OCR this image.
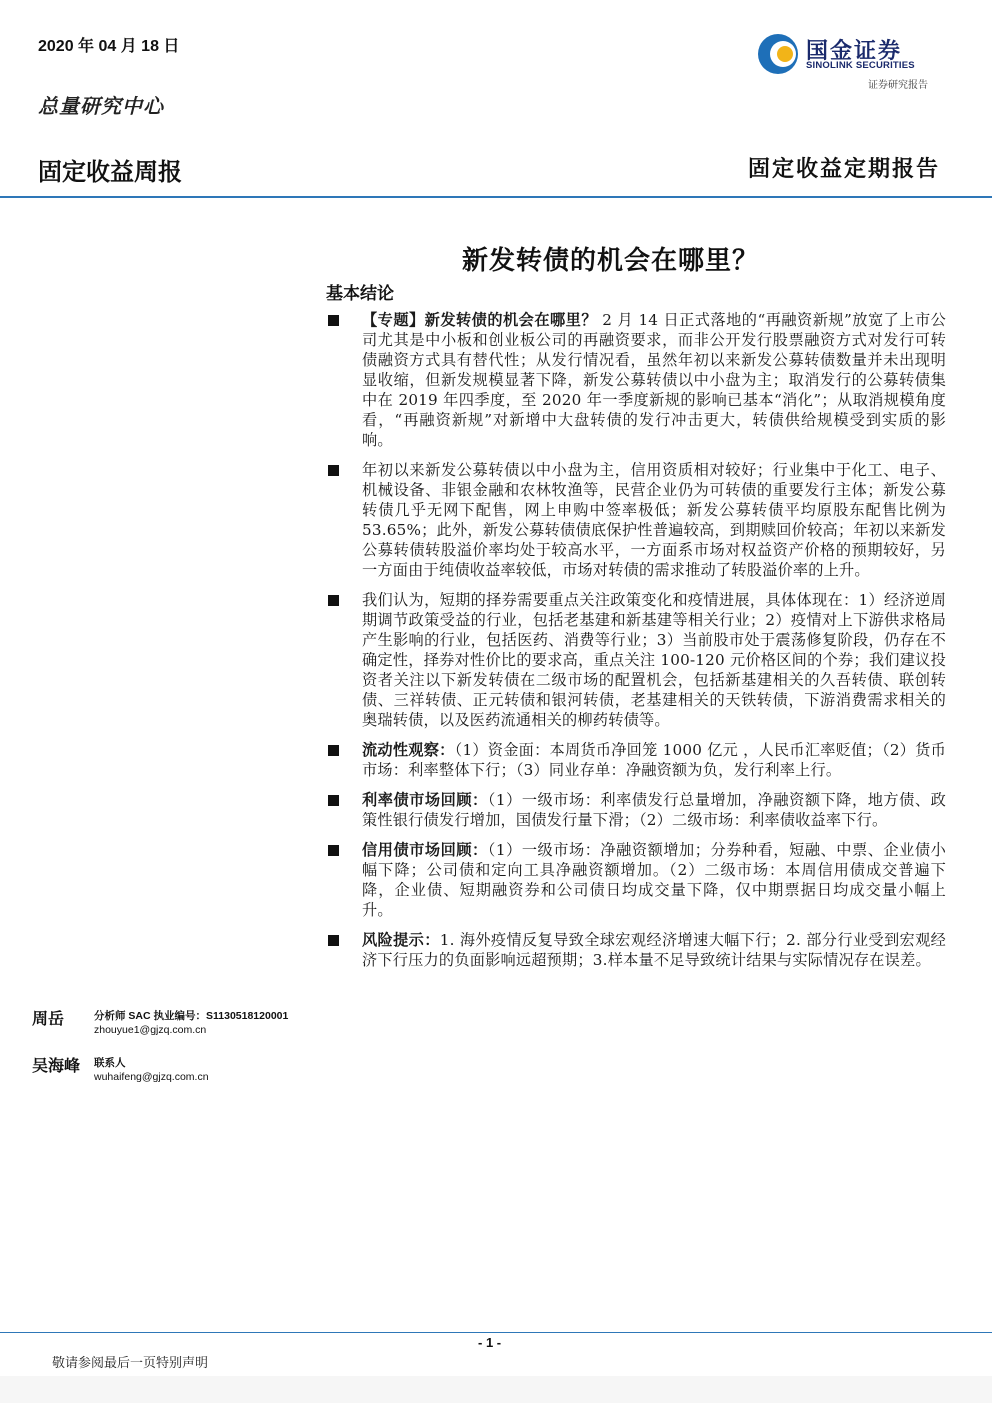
2020 年 04 月 18 日
总量研究中心
国金证券
SINOLINK SECURITIES
证券研究报告
固定收益周报	固定收益定期报告
新发转债的机会在哪里？
基本结论
【专题】新发转债的机会在哪里？ 2 月 14 日正式落地的“再融资新规”放宽了上市公司尤其是中小板和创业板公司的再融资要求，而非公开发行股票融资方式对发行可转债融资方式具有替代性；从发行情况看，虽然年初以来新发公募转债数量并未出现明显收缩，但新发规模显著下降，新发公募转债以中小盘为主；取消发行的公募转债集中在 2019 年四季度，至 2020 年一季度新规的影响已基本“消化”；从取消规模角度看，“再融资新规”对新增中大盘转债的发行冲击更大，转债供给规模受到实质的影响。
年初以来新发公募转债以中小盘为主，信用资质相对较好；行业集中于化工、电子、机械设备、非银金融和农林牧渔等，民营企业仍为可转债的重要发行主体；新发公募转债几乎无网下配售，网上申购中签率极低；新发公募转债平均原股东配售比例为 53.65%；此外，新发公募转债债底保护性普遍较高，到期赎回价较高；年初以来新发公募转债转股溢价率均处于较高水平，一方面系市场对权益资产价格的预期较好，另一方面由于纯债收益率较低，市场对转债的需求推动了转股溢价率的上升。
我们认为，短期的择券需要重点关注政策变化和疫情进展，具体体现在：1）经济逆周期调节政策受益的行业，包括老基建和新基建等相关行业；2）疫情对上下游供求格局产生影响的行业，包括医药、消费等行业；3）当前股市处于震荡修复阶段，仍存在不确定性，择券对性价比的要求高，重点关注 100-120 元价格区间的个券；我们建议投资者关注以下新发转债在二级市场的配置机会，包括新基建相关的久吾转债、联创转债、三祥转债、正元转债和银河转债，老基建相关的天铁转债，下游消费需求相关的奥瑞转债，以及医药流通相关的柳药转债等。
流动性观察：（1）资金面：本周货币净回笼 1000 亿元 ，人民币汇率贬值；（2）货币市场：利率整体下行；（3）同业存单：净融资额为负，发行利率上行。
利率债市场回顾：（1）一级市场：利率债发行总量增加，净融资额下降，地方债、政策性银行债发行增加，国债发行量下滑；（2）二级市场：利率债收益率下行。
信用债市场回顾：（1）一级市场：净融资额增加；分券种看，短融、中票、企业债小幅下降；公司债和定向工具净融资额增加。（2）二级市场：本周信用债成交普遍下降，企业债、短期融资券和公司债日均成交量下降，仅中期票据日均成交量小幅上升。
风险提示：1. 海外疫情反复导致全球宏观经济增速大幅下行；2. 部分行业受到宏观经济下行压力的负面影响远超预期；3.样本量不足导致统计结果与实际情况存在误差。
周岳	分析师 SAC 执业编号：S1130518120001
zhouyue1@gjzq.com.cn
吴海峰 联系人
wuhaifeng@gjzq.com.cn
- 1 -
敬请参阅最后一页特别声明
